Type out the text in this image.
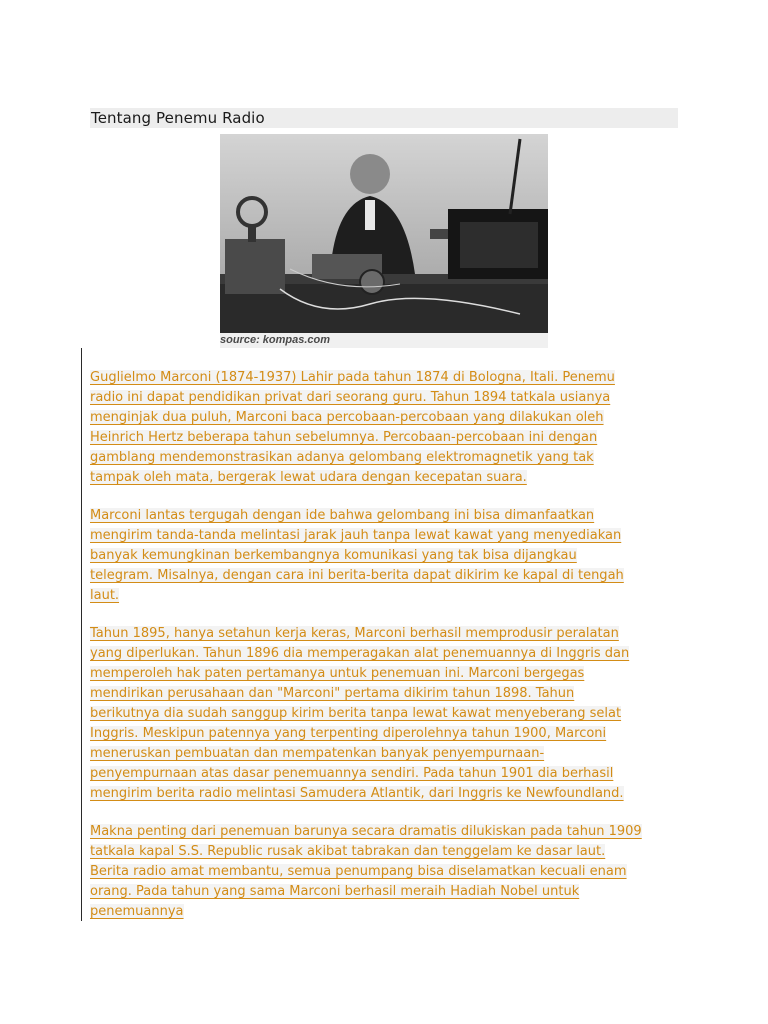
Tentang Penemu Radio
source: kompas.com
Guglielmo Marconi (1874-1937) Lahir pada tahun 1874 di Bologna, Itali. Penemu
radio ini dapat pendidikan privat dari seorang guru. Tahun 1894 tatkala usianya
menginjak dua puluh, Marconi baca percobaan-percobaan yang dilakukan oleh
Heinrich Hertz beberapa tahun sebelumnya. Percobaan-percobaan ini dengan
gamblang mendemonstrasikan adanya gelombang elektromagnetik yang tak
tampak oleh mata, bergerak lewat udara dengan kecepatan suara.
Marconi lantas tergugah dengan ide bahwa gelombang ini bisa dimanfaatkan
mengirim tanda-tanda melintasi jarak jauh tanpa lewat kawat yang menyediakan
banyak kemungkinan berkembangnya komunikasi yang tak bisa dijangkau
telegram. Misalnya, dengan cara ini berita-berita dapat dikirim ke kapal di tengah
laut.
Tahun 1895, hanya setahun kerja keras, Marconi berhasil memprodusir peralatan
yang diperlukan. Tahun 1896 dia memperagakan alat penemuannya di Inggris dan
memperoleh hak paten pertamanya untuk penemuan ini. Marconi bergegas
mendirikan perusahaan dan "Marconi" pertama dikirim tahun 1898. Tahun
berikutnya dia sudah sanggup kirim berita tanpa lewat kawat menyeberang selat
Inggris. Meskipun patennya yang terpenting diperolehnya tahun 1900, Marconi
meneruskan pembuatan dan mempatenkan banyak penyempurnaan-
penyempurnaan atas dasar penemuannya sendiri. Pada tahun 1901 dia berhasil
mengirim berita radio melintasi Samudera Atlantik, dari Inggris ke Newfoundland.
Makna penting dari penemuan barunya secara dramatis dilukiskan pada tahun 1909
tatkala kapal S.S. Republic rusak akibat tabrakan dan tenggelam ke dasar laut.
Berita radio amat membantu, semua penumpang bisa diselamatkan kecuali enam
orang. Pada tahun yang sama Marconi berhasil meraih Hadiah Nobel untuk
penemuannya
